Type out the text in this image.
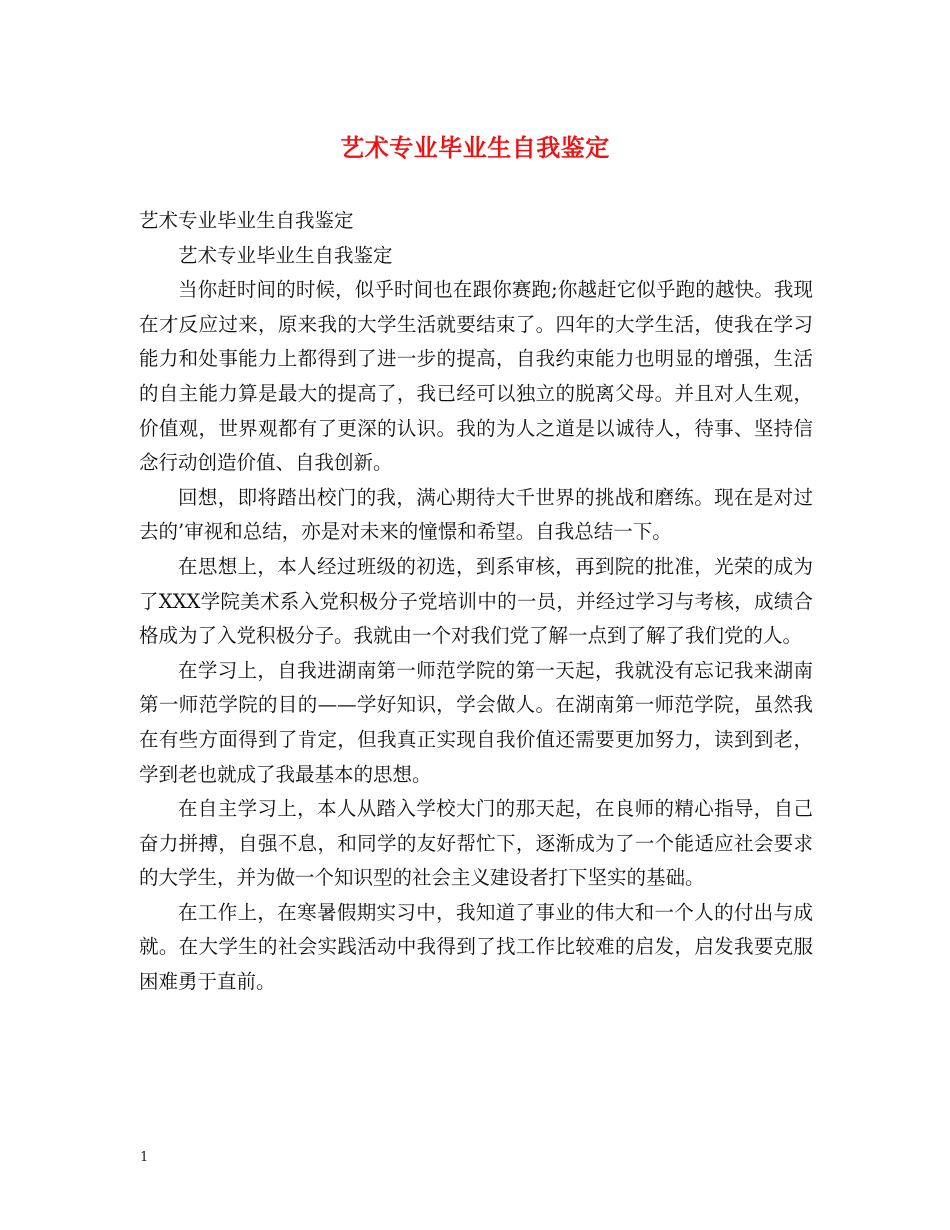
艺术专业毕业生自我鉴定

艺术专业毕业生自我鉴定

艺术专业毕业生自我鉴定

当你赶时间的时候，似乎时间也在跟你赛跑;你越赶它似乎跑的越快。我现在才反应过来，原来我的大学生活就要结束了。四年的大学生活，使我在学习能力和处事能力上都得到了进一步的提高，自我约束能力也明显的增强，生活的自主能力算是最大的提高了，我已经可以独立的脱离父母。并且对人生观，价值观，世界观都有了更深的认识。我的为人之道是以诚待人，待事、坚持信念行动创造价值、自我创新。

回想，即将踏出校门的我，满心期待大千世界的挑战和磨练。现在是对过去的’审视和总结，亦是对未来的憧憬和希望。自我总结一下。

在思想上，本人经过班级的初选，到系审核，再到院的批准，光荣的成为了XXX学院美术系入党积极分子党培训中的一员，并经过学习与考核，成绩合格成为了入党积极分子。我就由一个对我们党了解一点到了解了我们党的人。

在学习上，自我进湖南第一师范学院的第一天起，我就没有忘记我来湖南第一师范学院的目的——学好知识，学会做人。在湖南第一师范学院，虽然我在有些方面得到了肯定，但我真正实现自我价值还需要更加努力，读到到老，学到老也就成了我最基本的思想。

在自主学习上，本人从踏入学校大门的那天起，在良师的精心指导，自己奋力拼搏，自强不息，和同学的友好帮忙下，逐渐成为了一个能适应社会要求的大学生，并为做一个知识型的社会主义建设者打下坚实的基础。

在工作上，在寒暑假期实习中，我知道了事业的伟大和一个人的付出与成就。在大学生的社会实践活动中我得到了找工作比较难的启发，启发我要克服困难勇于直前。

1
